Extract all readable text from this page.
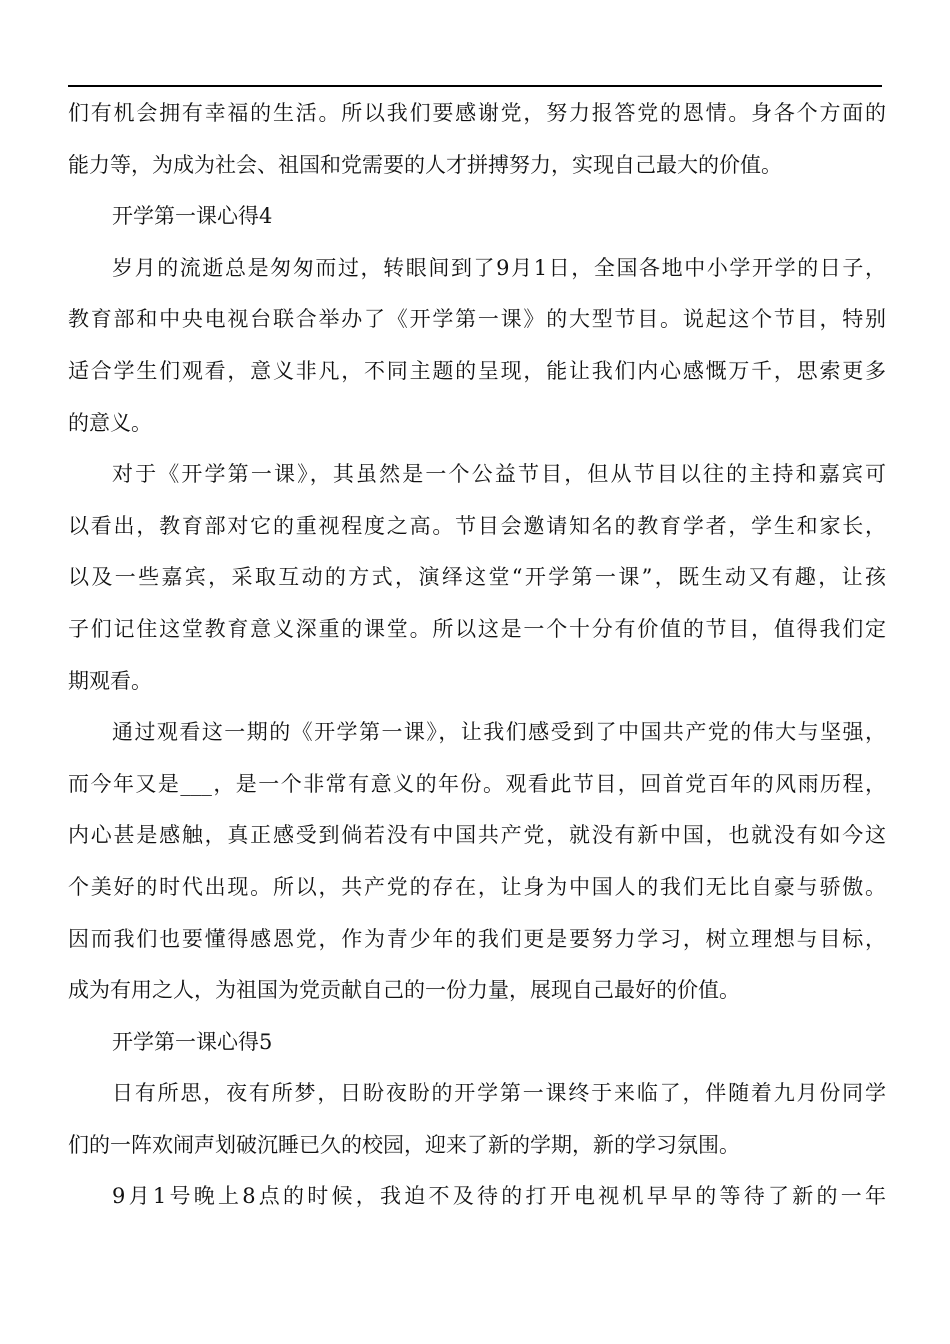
们有机会拥有幸福的生活。所以我们要感谢党，努力报答党的恩情。身各个方面的
能力等，为成为社会、祖国和党需要的人才拼搏努力，实现自己最大的价值。
开学第一课心得4
岁月的流逝总是匆匆而过，转眼间到了9月1日，全国各地中小学开学的日子，
教育部和中央电视台联合举办了《开学第一课》的大型节目。说起这个节目，特别
适合学生们观看，意义非凡，不同主题的呈现，能让我们内心感慨万千，思索更多
的意义。
对于《开学第一课》，其虽然是一个公益节目，但从节目以往的主持和嘉宾可
以看出，教育部对它的重视程度之高。节目会邀请知名的教育学者，学生和家长，
以及一些嘉宾，采取互动的方式，演绎这堂“开学第一课”，既生动又有趣，让孩
子们记住这堂教育意义深重的课堂。所以这是一个十分有价值的节目，值得我们定
期观看。
通过观看这一期的《开学第一课》，让我们感受到了中国共产党的伟大与坚强，
而今年又是___，是一个非常有意义的年份。观看此节目，回首党百年的风雨历程，
内心甚是感触，真正感受到倘若没有中国共产党，就没有新中国，也就没有如今这
个美好的时代出现。所以，共产党的存在，让身为中国人的我们无比自豪与骄傲。
因而我们也要懂得感恩党，作为青少年的我们更是要努力学习，树立理想与目标，
成为有用之人，为祖国为党贡献自己的一份力量，展现自己最好的价值。
开学第一课心得5
日有所思，夜有所梦，日盼夜盼的开学第一课终于来临了，伴随着九月份同学
们的一阵欢闹声划破沉睡已久的校园，迎来了新的学期，新的学习氛围。
9月1号晚上8点的时候，我迫不及待的打开电视机早早的等待了新的一年
